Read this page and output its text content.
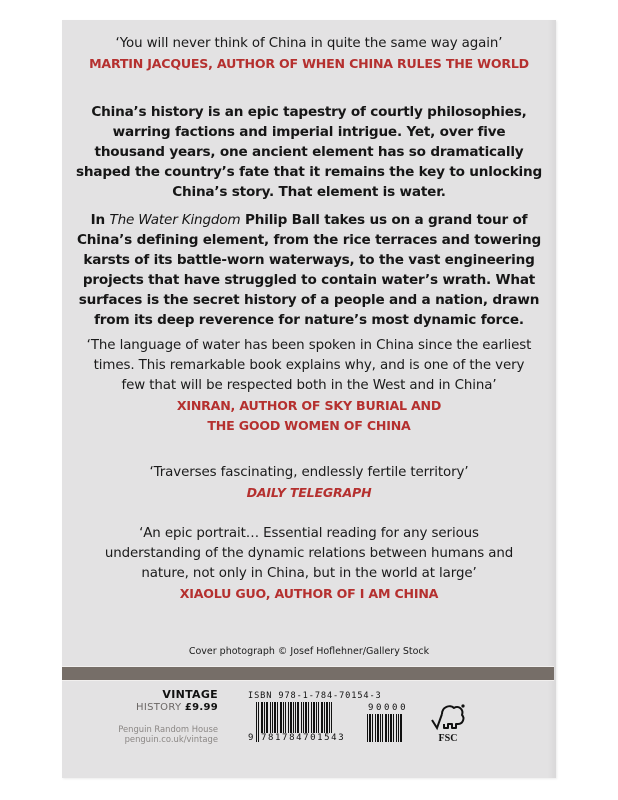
‘You will never think of China in quite the same way again’
MARTIN JACQUES, AUTHOR OF WHEN CHINA RULES THE WORLD
China’s history is an epic tapestry of courtly philosophies,
warring factions and imperial intrigue. Yet, over five
thousand years, one ancient element has so dramatically
shaped the country’s fate that it remains the key to unlocking
China’s story. That element is water.
In The Water Kingdom Philip Ball takes us on a grand tour of
China’s defining element, from the rice terraces and towering
karsts of its battle-worn waterways, to the vast engineering
projects that have struggled to contain water’s wrath. What
surfaces is the secret history of a people and a nation, drawn
from its deep reverence for nature’s most dynamic force.
‘The language of water has been spoken in China since the earliest
times. This remarkable book explains why, and is one of the very
few that will be respected both in the West and in China’
XINRAN, AUTHOR OF SKY BURIAL AND
THE GOOD WOMEN OF CHINA
‘Traverses fascinating, endlessly fertile territory’
DAILY TELEGRAPH
‘An epic portrait… Essential reading for any serious
understanding of the dynamic relations between humans and
nature, not only in China, but in the world at large’
XIAOLU GUO, AUTHOR OF I AM CHINA
Cover photograph © Josef Hoflehner/Gallery Stock
VINTAGE
HISTORY £9.99
Penguin Random House
penguin.co.uk/vintage
ISBN 978-1-784-70154-3
9 781784701543
90000
FSC
